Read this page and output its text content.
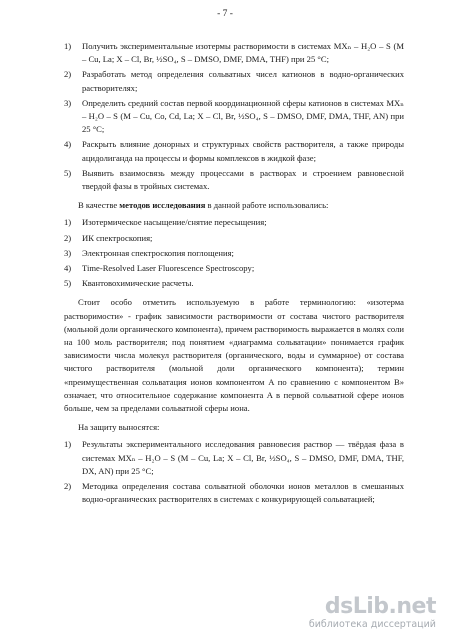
- 7 -
1) Получить экспериментальные изотермы растворимости в системах MXₙ – H₂O – S (M – Cu, La; X – Cl, Br, ½SO₄, S – DMSO, DMF, DMA, THF) при 25 °С;
2) Разработать метод определения сольватных чисел катионов в водно-органических растворителях;
3) Определить средний состав первой координационной сферы катионов в системах MXₙ – H₂O – S (M – Cu, Co, Cd, La; X – Cl, Br, ½SO₄, S – DMSO, DMF, DMA, THF, AN) при 25 °С;
4) Раскрыть влияние донорных и структурных свойств растворителя, а также природы ацидолиганда на процессы и формы комплексов в жидкой фазе;
5) Выявить взаимосвязь между процессами в растворах и строением равновесной твердой фазы в тройных системах.
В качестве методов исследования в данной работе использовались:
1) Изотермическое насыщение/снятие пересыщения;
2) ИК спектроскопия;
3) Электронная спектроскопия поглощения;
4) Time-Resolved Laser Fluorescence Spectroscopy;
5) Квантовохимические расчеты.
Стоит особо отметить используемую в работе терминологию: «изотерма растворимости» - график зависимости растворимости от состава чистого растворителя (мольной доли органического компонента), причем растворимость выражается в молях соли на 100 моль растворителя; под понятием «диаграмма сольватации» понимается график зависимости числа молекул растворителя (органического, воды и суммарное) от состава чистого растворителя (мольной доли органического компонента); термин «преимущественная сольватация ионов компонентом A по сравнению с компонентом B» означает, что относительное содержание компонента A в первой сольватной сфере ионов больше, чем за пределами сольватной сферы иона.
На защиту выносятся:
1) Результаты экспериментального исследования равновесия раствор — твёрдая фаза в системах MXₙ – H₂O – S (M – Cu, La; X – Cl, Br, ½SO₄, S – DMSO, DMF, DMA, THF, DX, AN) при 25 °С;
2) Методика определения состава сольватной оболочки ионов металлов в смешанных водно-органических растворителях в системах с конкурирующей сольватацией;
dsLib.net
библиотека диссертаций
